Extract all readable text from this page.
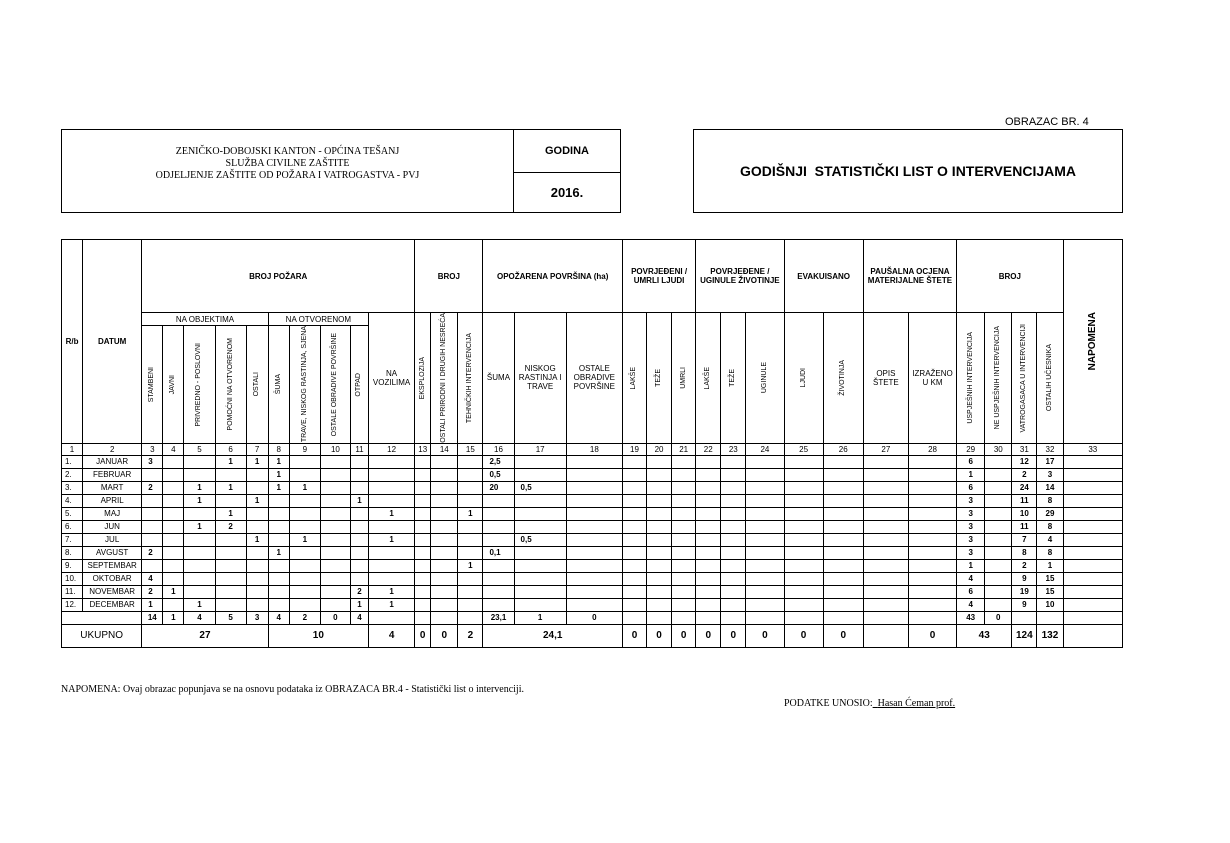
OBRAZAC BR. 4
ZENIČKO-DOBOJSKI KANTON - OPĆINA TEŠANJ
SLUŽBA CIVILNE ZAŠTITE
ODJELJENJE ZAŠTITE OD POŽARA I VATROGASTVA - PVJ
GODINA
2016.
GODIŠNJI  STATISTIČKI LIST O INTERVENCIJAMA
R/b	DATUM	BROJ POŽARA										BROJ			OPOŽARENA POVRŠINA (ha)			POVRJEĐENI / UMRLI LJUDI			POVRJEĐENE / UGINULE ŽIVOTINJE			EVAKUISANO		PAUŠALNA OCJENA MATERIJALNE ŠTETE		BROJ				NAPOMENA

		NA OBJEKTIMA					NA OTVORENOM				NA VOZILIMA	EKSPLOZIJA	OSTALI PRIRODNI I DRUGIH NESREĆA	TEHNIČKIH INTERVENCIJA	ŠUMA	NISKOG RASTINJA I TRAVE	OSTALE OBRADIVE POVRŠINE	LAKŠE	TEŽE	UMRLI	LAKŠE	TEŽE	UGINULE	LJUDI	ŽIVOTINJA	OPIS ŠTETE	IZRAŽENO U KM	USPJEŠNIH INTERVENCIJA	NE USPJEŠNIH INTERVENCIJA	VATROGASACA U INTERVENCIJI	OSTALIH UČESNIKA	

		STAMBENI	JAVNI	PRIVREDNO - POSLOVNI	POMOĆNI NA OTVORENOM	OSTALI	ŠUMA	TRAVE, NISKOG RASTINJA, SJENA	OSTALE OBRADIVE POVRŠINE	OTPAD																						

1	2	3	4	5	6	7	8	9	10	11	12	13	14	15	16	17	18	19	20	21	22	23	24	25	26	27	28	29	30	31	32	33
1.	JANUAR	3			1	1	1								2,5													6		12	17	
2.	FEBRUAR						1								0,5													1		2	3	
3.	MART	2		1	1		1	1							20	0,5												6		24	14	
4.	APRIL			1		1				1																		3		11	8	
5.	MAJ				1						1			1														3		10	29	
6.	JUN			1	2																							3		11	8	
7.	JUL					1		1			1					0,5												3		7	4	
8.	AVGUST	2					1								0,1													3		8	8	
9.	SEPTEMBAR													1														1		2	1	
10.	OKTOBAR	4																										4		9	15	
11.	NOVEMBAR	2	1							2	1																	6		19	15	
12.	DECEMBAR	1		1						1	1																	4		9	10	
		14	1	4	5	3	4	2	0	4					23,1	1	0											43	0			
UKUPNO		27					10				4	0	0	2	24,1			0	0	0	0	0	0	0	0		0	43		124	132	
NAPOMENA: Ovaj obrazac popunjava se na osnovu podataka iz OBRAZACA BR.4 - Statistički list o intervenciji.
PODATKE UNOSIO: Hasan Ćeman prof.
